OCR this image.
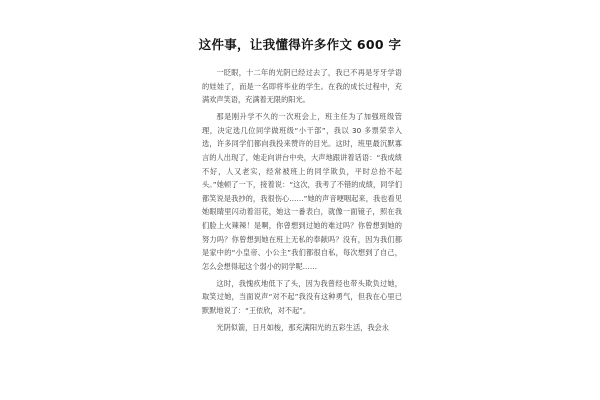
这件事，让我懂得许多作文 600 字

一眨眼，十二年的光阴已经过去了，我已不再是牙牙学语的娃娃了，而是一名即将毕业的学生。在我的成长过程中，充满欢声笑语，充满着无限的阳光。

那是刚升学不久的一次班会上，班主任为了加强班级管理，决定选几位同学做班级“小干部”，我以 30 多票荣幸入选，许多同学们都向我投来赞许的目光。这时，班里最沉默寡言的人出现了，她走向讲台中央，大声地跟讲着话语：“我成绩不好，人又老实，经常被班上的同学欺负，平时总抬不起头。”她顿了一下，接着说：“这次，我考了不错的成绩，同学们都笑说是我抄的，我很伤心……”她的声音哽咽起来，我也看见她眼睛里闪动着泪花，她这一番表白，就像一面镜子，照在我们脸上火辣辣！是啊，你曾想到过她的难过吗？你曾想到她的努力吗？你曾想到她在班上无私的奉献吗？没有，因为我们都是家中的“小皇帝、小公主”我们都很自私，每次想到了自己，怎么会想得起这个弱小的同学呢……

这时，我愧疚地低下了头，因为我曾经也带头欺负过她，取笑过她，当面说声“对不起”我没有这种勇气，但我在心里已默默地说了：“王依欣，对不起”。

光阴似箭，日月如梭，那充满阳光的五彩生活，我会永
